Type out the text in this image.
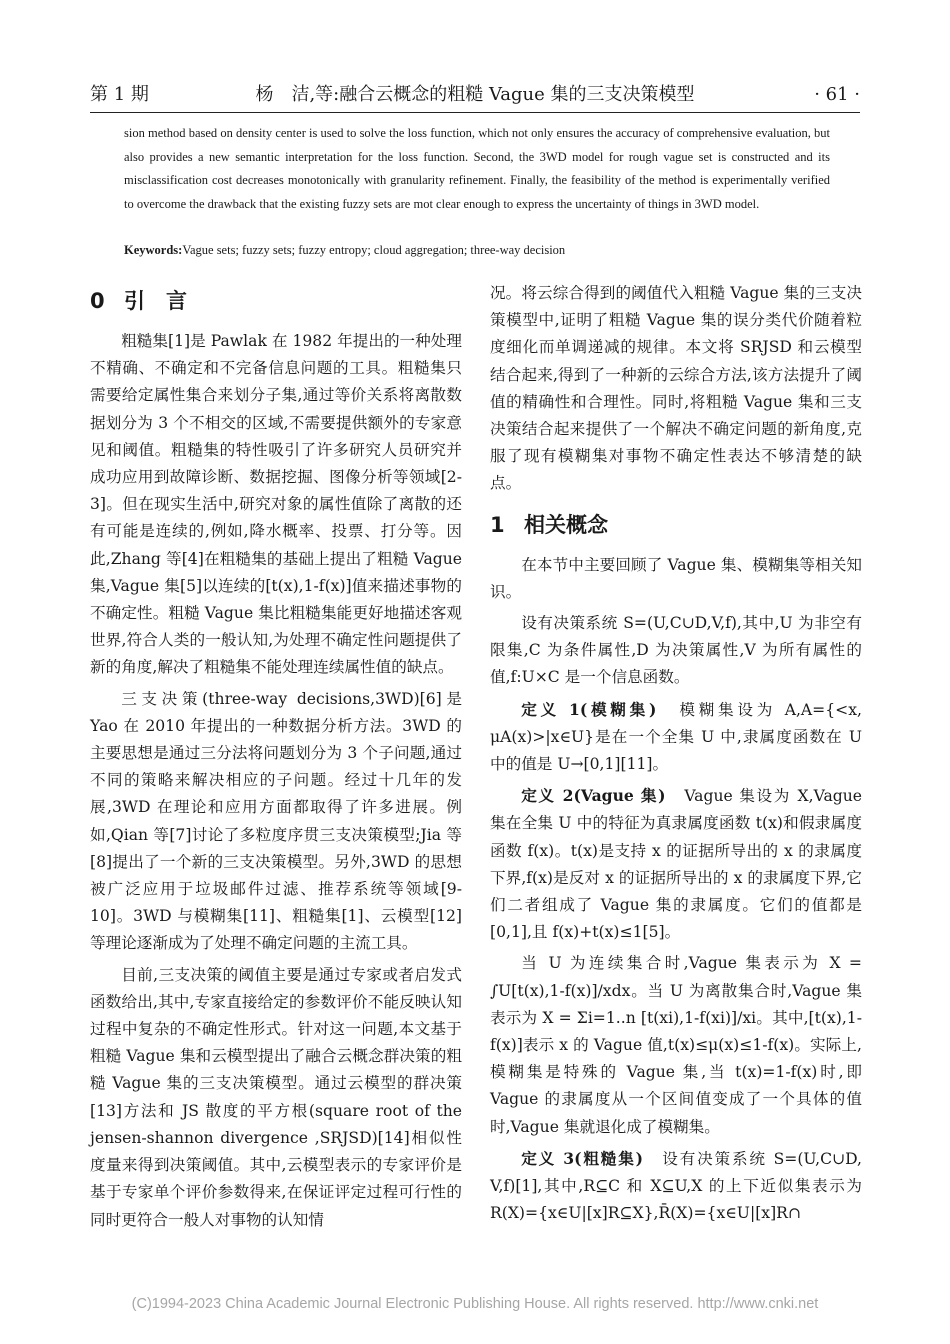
第 1 期	杨　洁,等:融合云概念的粗糙 Vague 集的三支决策模型	· 61 ·
sion method based on density center is used to solve the loss function, which not only ensures the accuracy of comprehensive evaluation, but also provides a new semantic interpretation for the loss function. Second, the 3WD model for rough vague set is constructed and its misclassification cost decreases monotonically with granularity refinement. Finally, the feasibility of the method is experimentally verified to overcome the drawback that the existing fuzzy sets are mot clear enough to express the uncertainty of things in 3WD model.
Keywords:Vague sets; fuzzy sets; fuzzy entropy; cloud aggregation; three-way decision
0 引　言

粗糙集[1]是 Pawlak 在 1982 年提出的一种处理不精确、不确定和不完备信息问题的工具。粗糙集只需要给定属性集合来划分子集,通过等价关系将离散数据划分为 3 个不相交的区域,不需要提供额外的专家意见和阈值。粗糙集的特性吸引了许多研究人员研究并成功应用到故障诊断、数据挖掘、图像分析等领域[2-3]。但在现实生活中,研究对象的属性值除了离散的还有可能是连续的,例如,降水概率、投票、打分等。因此,Zhang 等[4]在粗糙集的基础上提出了粗糙 Vague 集,Vague 集[5]以连续的[t(x),1-f(x)]值来描述事物的不确定性。粗糙 Vague 集比粗糙集能更好地描述客观世界,符合人类的一般认知,为处理不确定性问题提供了新的角度,解决了粗糙集不能处理连续属性值的缺点。

三支决策(three-way decisions,3WD)[6]是 Yao 在 2010 年提出的一种数据分析方法。3WD 的主要思想是通过三分法将问题划分为 3 个子问题,通过不同的策略来解决相应的子问题。经过十几年的发展,3WD 在理论和应用方面都取得了许多进展。例如,Qian 等[7]讨论了多粒度序贯三支决策模型;Jia 等[8]提出了一个新的三支决策模型。另外,3WD 的思想被广泛应用于垃圾邮件过滤、推荐系统等领域[9-10]。3WD 与模糊集[11]、粗糙集[1]、云模型[12]等理论逐渐成为了处理不确定问题的主流工具。

目前,三支决策的阈值主要是通过专家或者启发式函数给出,其中,专家直接给定的参数评价不能反映认知过程中复杂的不确定性形式。针对这一问题,本文基于粗糙 Vague 集和云模型提出了融合云概念群决策的粗糙 Vague 集的三支决策模型。通过云模型的群决策[13]方法和 JS 散度的平方根(square root of the jensen-shannon divergence ,SRJSD)[14]相似性度量来得到决策阈值。其中,云模型表示的专家评价是基于专家单个评价参数得来,在保证评定过程可行性的同时更符合一般人对事物的认知情

况。将云综合得到的阈值代入粗糙 Vague 集的三支决策模型中,证明了粗糙 Vague 集的误分类代价随着粒度细化而单调递减的规律。本文将 SRJSD 和云模型结合起来,得到了一种新的云综合方法,该方法提升了阈值的精确性和合理性。同时,将粗糙 Vague 集和三支决策结合起来提供了一个解决不确定问题的新角度,克服了现有模糊集对事物不确定性表达不够清楚的缺点。

1 相关概念

在本节中主要回顾了 Vague 集、模糊集等相关知识。

设有决策系统 S=(U,C∪D,V,f),其中,U 为非空有限集,C 为条件属性,D 为决策属性,V 为所有属性的值,f:U×C 是一个信息函数。

定义 1(模糊集)　模糊集设为 A,A={<x, μA(x)>|x∈U}是在一个全集 U 中,隶属度函数在 U 中的值是 U→[0,1][11]。

定义 2(Vague 集)　Vague 集设为 X,Vague 集在全集 U 中的特征为真隶属度函数 t(x)和假隶属度函数 f(x)。t(x)是支持 x 的证据所导出的 x 的隶属度下界,f(x)是反对 x 的证据所导出的 x 的隶属度下界,它们二者组成了 Vague 集的隶属度。它们的值都是[0,1],且 f(x)+t(x)≤1[5]。

当 U 为连续集合时,Vague 集表示为 X = ∫U[t(x),1-f(x)]/xdx。当 U 为离散集合时,Vague 集表示为 X = Σi=1..n [t(xi),1-f(xi)]/xi。其中,[t(x),1-f(x)]表示 x 的 Vague 值,t(x)≤μ(x)≤1-f(x)。实际上,模糊集是特殊的 Vague 集,当 t(x)=1-f(x)时,即 Vague 的隶属度从一个区间值变成了一个具体的值时,Vague 集就退化成了模糊集。

定义 3(粗糙集)　设有决策系统 S=(U,C∪D, V,f)[1],其中,R⊆C 和 X⊆U,X 的上下近似集表示为 R(X)={x∈U|[x]R⊆X},R̄(X)={x∈U|[x]R∩

(C)1994-2023 China Academic Journal Electronic Publishing House. All rights reserved. http://www.cnki.net
